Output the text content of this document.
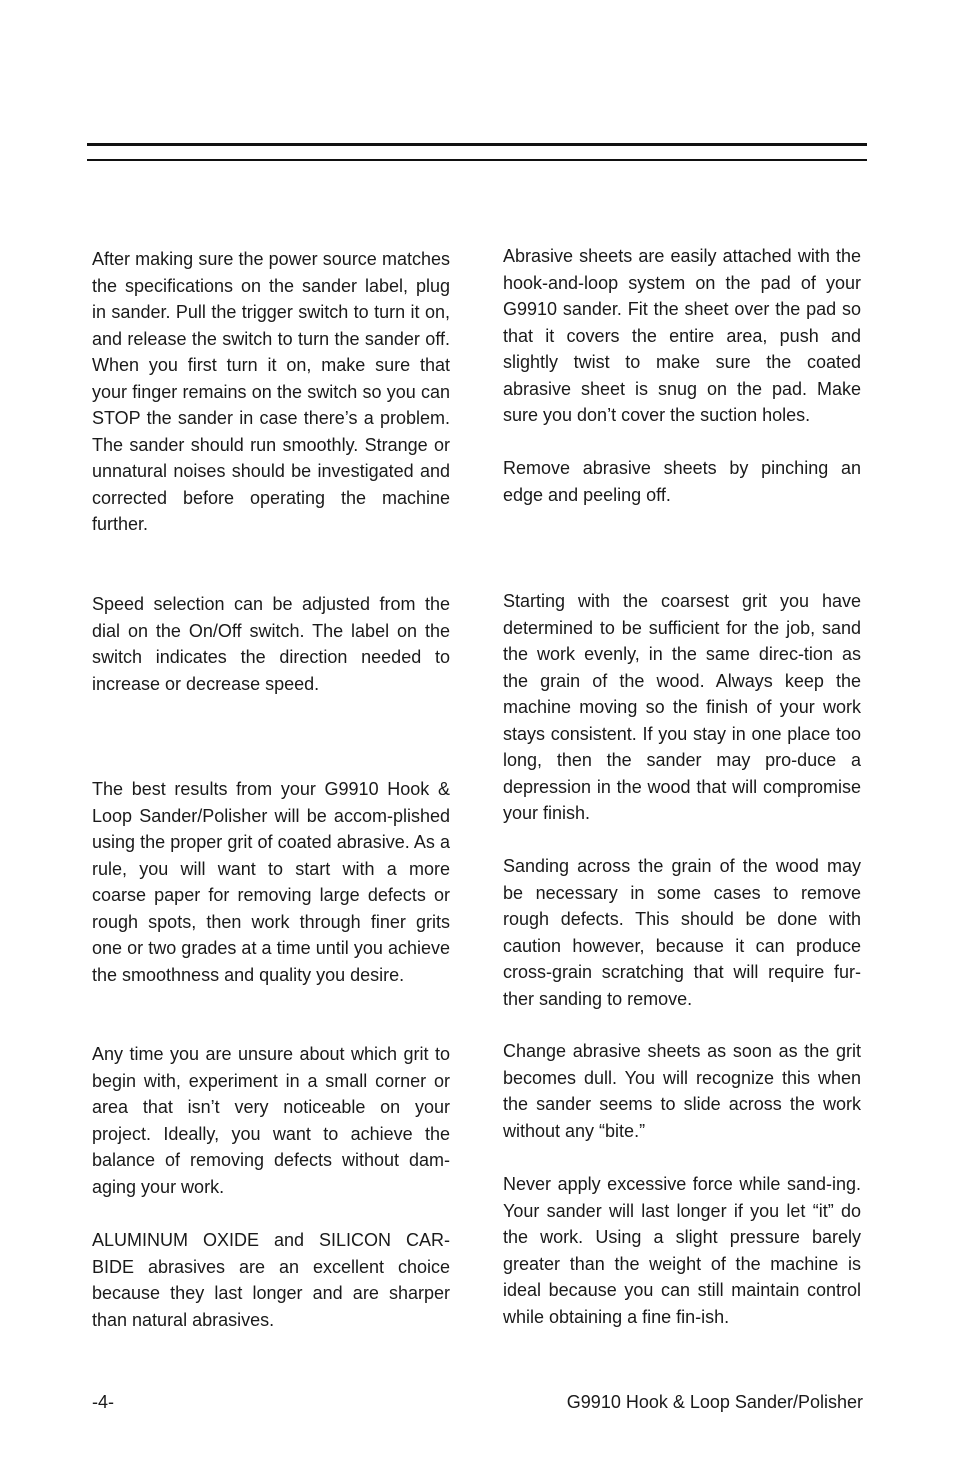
After making sure the power source matches the specifications on the sander label, plug in sander. Pull the trigger switch to turn it on, and release the switch to turn the sander off. When you first turn it on, make sure that your finger remains on the switch so you can STOP the sander in case there’s a problem. The sander should run smoothly. Strange or unnatural noises should be investigated and corrected before operating the machine further.

Speed selection can be adjusted from the dial on the On/Off switch. The label on the switch indicates the direction needed to increase or decrease speed.

The best results from your G9910 Hook & Loop Sander/Polisher will be accom-plished using the proper grit of coated abrasive. As a rule, you will want to start with a more coarse paper for removing large defects or rough spots, then work through finer grits one or two grades at a time until you achieve the smoothness and quality you desire.

Any time you are unsure about which grit to begin with, experiment in a small corner or area that isn’t very noticeable on your project. Ideally, you want to achieve the balance of removing defects without dam-aging your work.

ALUMINUM OXIDE and SILICON CAR-BIDE abrasives are an excellent choice because they last longer and are sharper than natural abrasives.

Abrasive sheets are easily attached with the hook-and-loop system on the pad of your G9910 sander. Fit the sheet over the pad so that it covers the entire area, push and slightly twist to make sure the coated abrasive sheet is snug on the pad. Make sure you don’t cover the suction holes.

Remove abrasive sheets by pinching an edge and peeling off.

Starting with the coarsest grit you have determined to be sufficient for the job, sand the work evenly, in the same direc-tion as the grain of the wood. Always keep the machine moving so the finish of your work stays consistent. If you stay in one place too long, then the sander may pro-duce a depression in the wood that will compromise your finish.

Sanding across the grain of the wood may be necessary in some cases to remove rough defects. This should be done with caution however, because it can produce cross-grain scratching that will require fur-ther sanding to remove.

Change abrasive sheets as soon as the grit becomes dull. You will recognize this when the sander seems to slide across the work without any “bite.”

Never apply excessive force while sand-ing. Your sander will last longer if you let “it” do the work. Using a slight pressure barely greater than the weight of the machine is ideal because you can still maintain control while obtaining a fine fin-ish.

-4-	G9910 Hook & Loop Sander/Polisher
